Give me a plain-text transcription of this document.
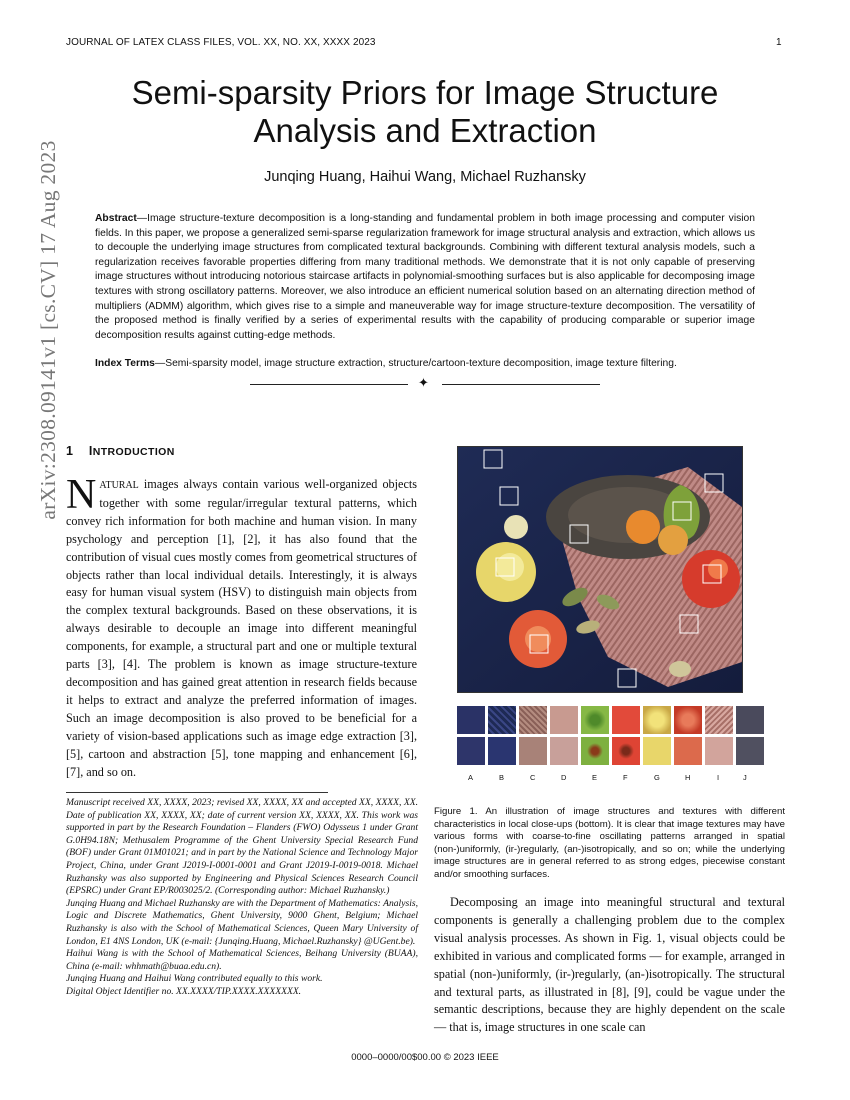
JOURNAL OF LATEX CLASS FILES, VOL. XX, NO. XX, XXXX 2023	1
Semi-sparsity Priors for Image Structure
Analysis and Extraction
Junqing Huang, Haihui Wang, Michael Ruzhansky

Abstract—Image structure-texture decomposition is a long-standing and fundamental problem in both image processing and computer vision fields. In this paper, we propose a generalized semi-sparse regularization framework for image structural analysis and extraction, which allows us to decouple the underlying image structures from complicated textural backgrounds. Combining with different textural analysis models, such a regularization receives favorable properties differing from many traditional methods. We demonstrate that it is not only capable of preserving image structures without introducing notorious staircase artifacts in polynomial-smoothing surfaces but is also applicable for decomposing image textures with strong oscillatory patterns. Moreover, we also introduce an efficient numerical solution based on an alternating direction method of multipliers (ADMM) algorithm, which gives rise to a simple and maneuverable way for image structure-texture decomposition. The versatility of the proposed method is finally verified by a series of experimental results with the capability of producing comparable or superior image decomposition results against cutting-edge methods.

Index Terms—Semi-sparsity model, image structure extraction, structure/cartoon-texture decomposition, image texture filtering.

✦
arXiv:2308.09141v1 [cs.CV] 17 Aug 2023 1 INTRODUCTION

NATURAL images always contain various well-organized objects together with some regular/irregular textural patterns, which convey rich information for both machine and human vision. In many psychology and perception [1], [2], it has also found that the contribution of visual cues mostly comes from geometrical structures of objects rather than local individual details. Interestingly, it is always easy for human visual system (HSV) to distinguish main objects from the complex textural backgrounds. Based on these observations, it is always desirable to decouple an image into different meaningful components, for example, a structural part and one or multiple textural parts [3], [4]. The problem is known as image structure-texture decomposition and has gained great attention in research fields because it helps to extract and analyze the preferred information of images. Such an image decomposition is also proved to be beneficial for a variety of vision-based applications such as image edge extraction [3], [5], cartoon and abstraction [5], tone mapping and enhancement [6], [7], and so on.

Manuscript received XX, XXXX, 2023; revised XX, XXXX, XX and accepted XX, XXXX, XX. Date of publication XX, XXXX, XX; date of current version XX, XXXX, XX. This work was supported in part by the Research Foundation – Flanders (FWO) Odysseus 1 under Grant G.0H94.18N; Methusalem Programme of the Ghent University Special Research Fund (BOF) under Grant 01M01021; and in part by the National Science and Technology Major Project, China, under Grant J2019-I-0001-0001 and Grant J2019-I-0019-0018. Michael Ruzhansky was also supported by Engineering and Physical Sciences Research Council (EPSRC) under Grant EP/R003025/2. (Corresponding author: Michael Ruzhansky.)

Junqing Huang and Michael Ruzhansky are with the Department of Mathematics: Analysis, Logic and Discrete Mathematics, Ghent University, 9000 Ghent, Belgium; Michael Ruzhansky is also with the School of Mathematical Sciences, Queen Mary University of London, E1 4NS London, UK (e-mail: {Junqing.Huang, Michael.Ruzhansky} @UGent.be).

Haihui Wang is with the School of Mathematical Sciences, Beihang University (BUAA), China (e-mail: whhmath@buaa.edu.cn).

Junqing Huang and Haihui Wang contributed equally to this work.

Digital Object Identifier no. XX.XXXX/TIP.XXXX.XXXXXXX.

A	B	C	D	E	F	G	H	I	J

Figure 1. An illustration of image structures and textures with different characteristics in local close-ups (bottom). It is clear that image textures may have various forms with coarse-to-fine oscillating patterns arranged in spatial (non-)uniformly, (ir-)regularly, (an-)isotropically, and so on; while the underlying image structures are in general referred to as strong edges, piecewise constant and/or smoothing surfaces.

Decomposing an image into meaningful structural and textural components is generally a challenging problem due to the complex visual analysis processes. As shown in Fig. 1, visual objects could be exhibited in various and complicated forms — for example, arranged in spatial (non-)uniformly, (ir-)regularly, (an-)isotropically. The structural and textural parts, as illustrated in [8], [9], could be vague under the semantic descriptions, because they are highly dependent on the scale — that is, image structures in one scale can

0000–0000/00$00.00 © 2023 IEEE
